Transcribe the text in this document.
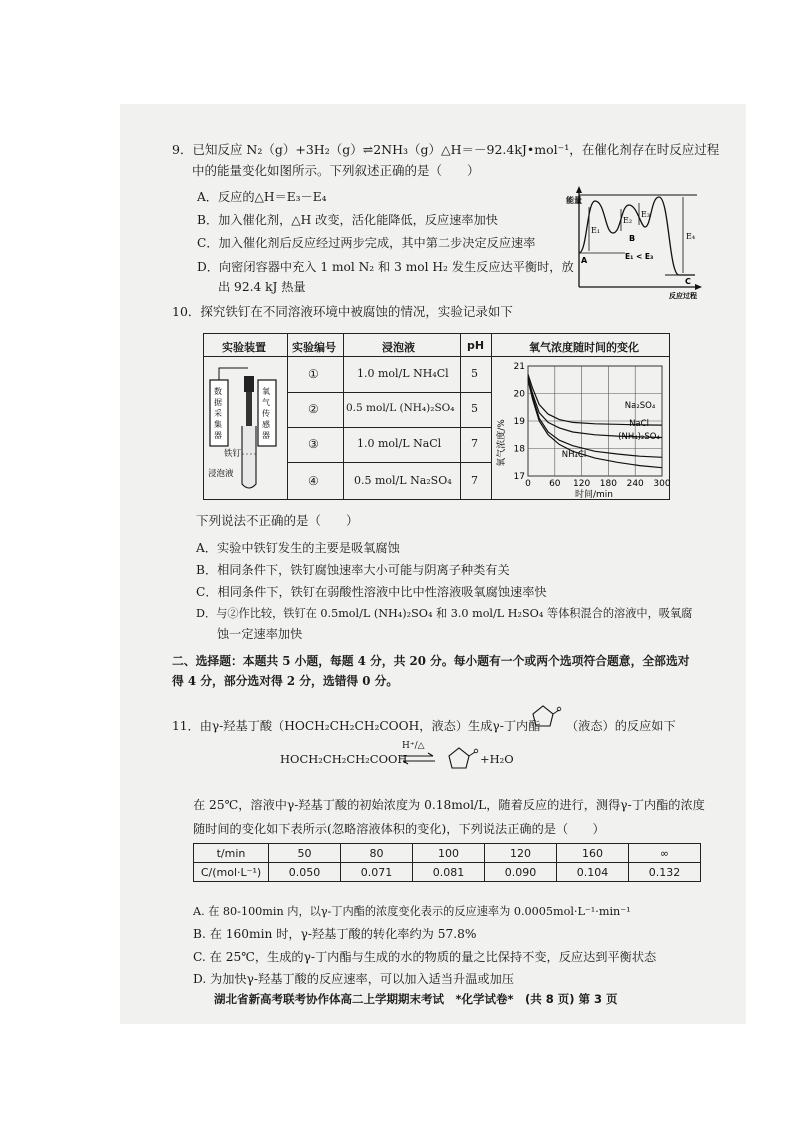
9．已知反应 N₂（g）+3H₂（g）⇌2NH₃（g）△H＝－92.4kJ•mol⁻¹，在催化剂存在时反应过程
中的能量变化如图所示。下列叙述正确的是（　　）
A．反应的△H＝E₃－E₄
B．加入催化剂，△H 改变，活化能降低，反应速率加快
C．加入催化剂后反应经过两步完成，其中第二步决定反应速率
D．向密闭容器中充入 1 mol N₂ 和 3 mol H₂ 发生反应达平衡时，放
出 92.4 kJ 热量
能量
反应过程
E₁
E₂
E₃
E₄
A
B
C
E₁ < E₃
10．探究铁钉在不同溶液环境中被腐蚀的情况，实验记录如下
实验装置 实验编号	浸泡液	pH	氧气浓度随时间的变化
①	1.0 mol/L NH₄Cl 5
②	0.5 mol/L (NH₄)₂SO₄ 5
③	1.0 mol/L NaCl	7
④	0.5 mol/L Na₂SO₄ 7
数据采集器
氧气传感器
铁钉
浸泡液	17
18
19
20
21
0 60 120 180 240 300
氧气浓度/%
时间/min
Na₂SO₄
NaCl
(NH₄)₂SO₄
NH₄Cl
下列说法不正确的是（　　）
A．实验中铁钉发生的主要是吸氧腐蚀
B．相同条件下，铁钉腐蚀速率大小可能与阴离子种类有关
C．相同条件下，铁钉在弱酸性溶液中比中性溶液吸氧腐蚀速率快
D．与②作比较，铁钉在 0.5mol/L (NH₄)₂SO₄ 和 3.0 mol/L H₂SO₄ 等体积混合的溶液中，吸氧腐
蚀一定速率加快
二、选择题：本题共 5 小题，每题 4 分，共 20 分。每小题有一个或两个选项符合题意，全部选对
得 4 分，部分选对得 2 分，选错得 0 分。
11．由γ-羟基丁酸（HOCH₂CH₂CH₂COOH，液态）生成γ-丁内酯 （液态）的反应如下
HOCH₂CH₂CH₂COOH
H⁺/△
+H₂O
在 25℃，溶液中γ-羟基丁酸的初始浓度为 0.18mol/L，随着反应的进行，测得γ-丁内酯的浓度
随时间的变化如下表所示(忽略溶液体积的变化)，下列说法正确的是（　　）
t/min	50	80	100	120	160	∞
C/(mol·L⁻¹)	0.050	0.071	0.081	0.090	0.104	0.132
A. 在 80-100min 内，以γ-丁内酯的浓度变化表示的反应速率为 0.0005mol·L⁻¹·min⁻¹
B. 在 160min 时，γ-羟基丁酸的转化率约为 57.8%
C. 在 25℃，生成的γ-丁内酯与生成的水的物质的量之比保持不变，反应达到平衡状态
D. 为加快γ-羟基丁酸的反应速率，可以加入适当升温或加压
湖北省新高考联考协作体高二上学期期末考试　*化学试卷*　(共 8 页) 第 3 页
